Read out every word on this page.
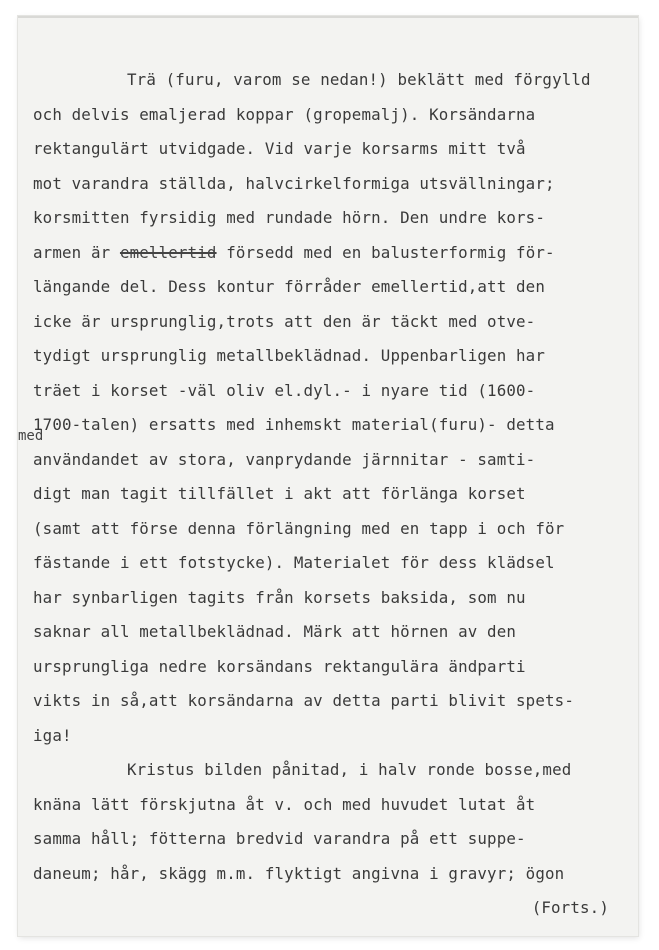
med
Trä (furu, varom se nedan!) beklätt med förgylld
och delvis emaljerad koppar (gropemalj). Korsändarna
rektangulärt utvidgade. Vid varje korsarms mitt två
mot varandra ställda, halvcirkelformiga utsvällningar;
korsmitten fyrsidig med rundade hörn. Den undre kors-
armen är emellertid försedd med en balusterformig för-
längande del. Dess kontur förråder emellertid,att den
icke är ursprunglig,trots att den är täckt med otve-
tydigt ursprunglig metallbeklädnad. Uppenbarligen har
träet i korset -väl oliv el.dyl.- i nyare tid (1600-
1700-talen) ersatts med inhemskt material(furu)- detta
användandet av stora, vanprydande järnnitar - samti-
digt man tagit tillfället i akt att förlänga korset
(samt att förse denna förlängning med en tapp i och för
fästande i ett fotstycke). Materialet för dess klädsel
har synbarligen tagits från korsets baksida, som nu
saknar all metallbeklädnad. Märk att hörnen av den
ursprungliga nedre korsändans rektangulära ändparti
vikts in så,att korsändarna av detta parti blivit spets-
iga!
Kristus bilden pånitad, i halv ronde bosse,med
knäna lätt förskjutna åt v. och med huvudet lutat åt
samma håll; fötterna bredvid varandra på ett suppe-
daneum; hår, skägg m.m. flyktigt angivna i gravyr; ögon
(Forts.)
